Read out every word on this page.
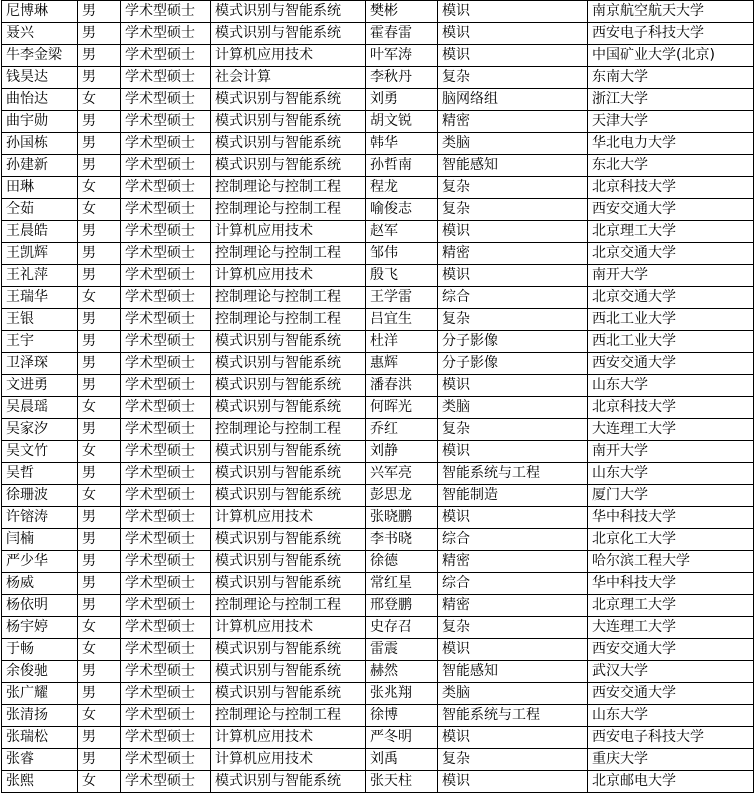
尼博琳	男	学术型硕士	模式识别与智能系统	樊彬	模识	南京航空航天大学
聂兴	男	学术型硕士	模式识别与智能系统	霍春雷	模识	西安电子科技大学
牛李金梁	男	学术型硕士	计算机应用技术	叶军涛	模识	中国矿业大学(北京)
钱昊达	男	学术型硕士	社会计算	李秋丹	复杂	东南大学
曲怡达	女	学术型硕士	模式识别与智能系统	刘勇	脑网络组	浙江大学
曲宇勋	男	学术型硕士	模式识别与智能系统	胡文锐	精密	天津大学
孙国栋	男	学术型硕士	模式识别与智能系统	韩华	类脑	华北电力大学
孙建新	男	学术型硕士	模式识别与智能系统	孙哲南	智能感知	东北大学
田琳	女	学术型硕士	控制理论与控制工程	程龙	复杂	北京科技大学
仝茹	女	学术型硕士	控制理论与控制工程	喻俊志	复杂	西安交通大学
王晨皓	男	学术型硕士	计算机应用技术	赵军	模识	北京理工大学
王凯辉	男	学术型硕士	控制理论与控制工程	邹伟	精密	北京交通大学
王礼萍	男	学术型硕士	计算机应用技术	殷飞	模识	南开大学
王瑞华	女	学术型硕士	控制理论与控制工程	王学雷	综合	北京交通大学
王银	男	学术型硕士	控制理论与控制工程	吕宜生	复杂	西北工业大学
王宇	男	学术型硕士	模式识别与智能系统	杜洋	分子影像	西北工业大学
卫泽琛	男	学术型硕士	模式识别与智能系统	惠辉	分子影像	西安交通大学
文进勇	男	学术型硕士	模式识别与智能系统	潘春洪	模识	山东大学
吴晨瑶	女	学术型硕士	模式识别与智能系统	何晖光	类脑	北京科技大学
吴家汐	男	学术型硕士	控制理论与控制工程	乔红	复杂	大连理工大学
吴文竹	女	学术型硕士	模式识别与智能系统	刘静	模识	南开大学
吴哲	男	学术型硕士	模式识别与智能系统	兴军亮	智能系统与工程	山东大学
徐珊波	女	学术型硕士	模式识别与智能系统	彭思龙	智能制造	厦门大学
许镕涛	男	学术型硕士	计算机应用技术	张晓鹏	模识	华中科技大学
闫楠	男	学术型硕士	模式识别与智能系统	李书晓	综合	北京化工大学
严少华	男	学术型硕士	模式识别与智能系统	徐德	精密	哈尔滨工程大学
杨威	男	学术型硕士	模式识别与智能系统	常红星	综合	华中科技大学
杨依明	男	学术型硕士	控制理论与控制工程	邢登鹏	精密	北京理工大学
杨宇婷	女	学术型硕士	计算机应用技术	史存召	复杂	大连理工大学
于畅	女	学术型硕士	模式识别与智能系统	雷震	模识	西安交通大学
余俊驰	男	学术型硕士	模式识别与智能系统	赫然	智能感知	武汉大学
张广耀	男	学术型硕士	模式识别与智能系统	张兆翔	类脑	西安交通大学
张清扬	女	学术型硕士	控制理论与控制工程	徐博	智能系统与工程	山东大学
张瑞松	男	学术型硕士	计算机应用技术	严冬明	模识	西安电子科技大学
张睿	男	学术型硕士	计算机应用技术	刘禹	复杂	重庆大学
张熙	女	学术型硕士	模式识别与智能系统	张天柱	模识	北京邮电大学
